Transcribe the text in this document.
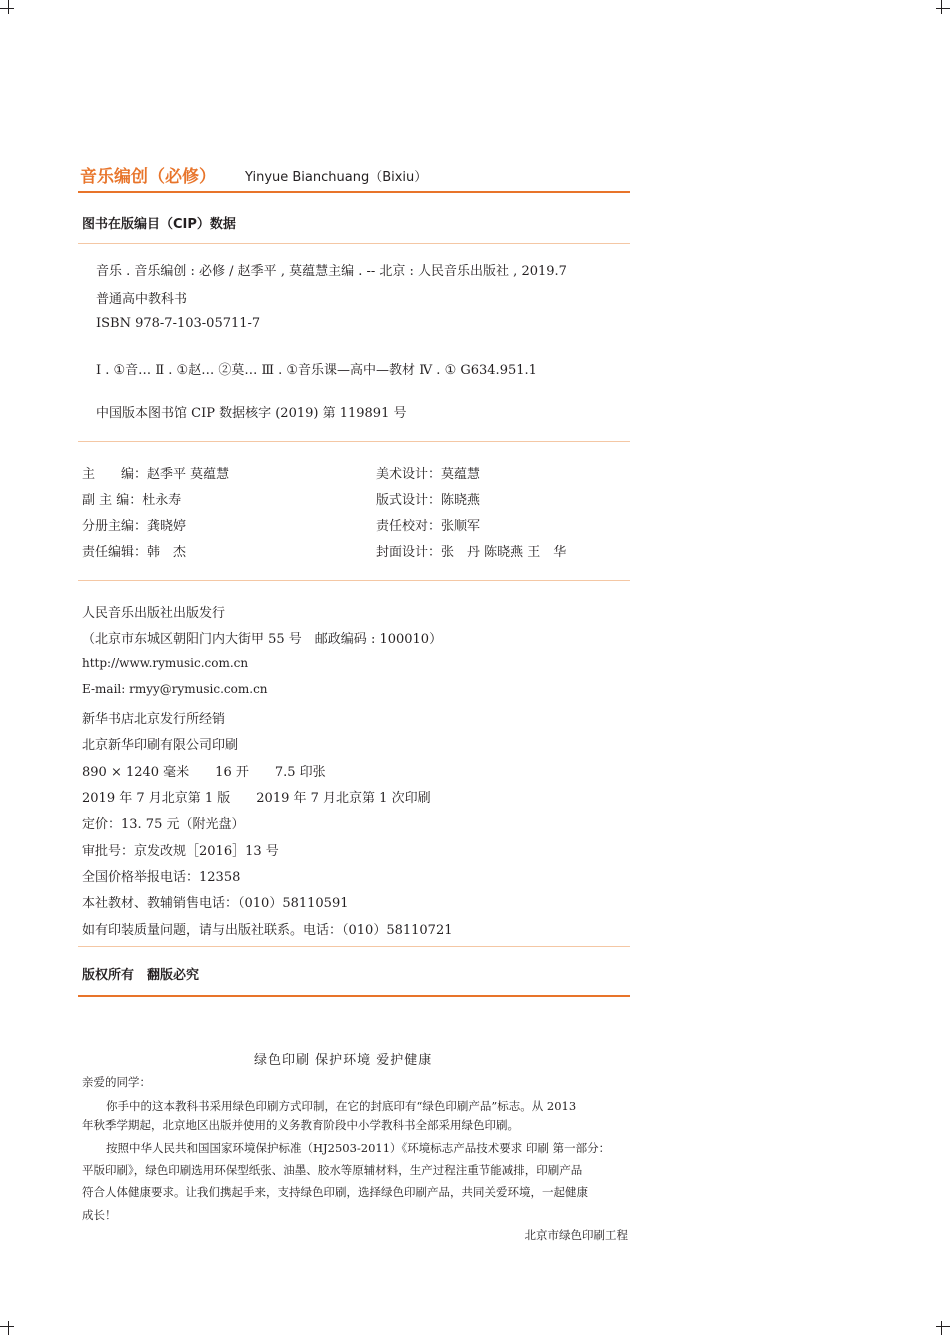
音乐编创（必修） Yinyue Bianchuang（Bixiu）
图书在版编目（CIP）数据
音乐 . 音乐编创 : 必修 / 赵季平 , 莫蕴慧主编 . -- 北京 : 人民音乐出版社 , 2019.7
普通高中教科书
ISBN 978-7-103-05711-7
Ⅰ . ①音… Ⅱ . ①赵… ②莫… Ⅲ . ①音乐课—高中—教材 Ⅳ . ① G634.951.1
中国版本图书馆 CIP 数据核字 (2019) 第 119891 号
主　　编：赵季平 莫蕴慧
副 主 编：杜永寿
分册主编：龚晓婷
责任编辑：韩　杰
美术设计：莫蕴慧
版式设计：陈晓燕
责任校对：张顺军
封面设计：张　丹 陈晓燕 王　华
人民音乐出版社出版发行
（北京市东城区朝阳门内大街甲 55 号　邮政编码 : 100010）
http://www.rymusic.com.cn
E-mail: rmyy@rymusic.com.cn
新华书店北京发行所经销
北京新华印刷有限公司印刷
890 × 1240 毫米　　16 开　　7.5 印张
2019 年 7 月北京第 1 版　　2019 年 7 月北京第 1 次印刷
定价：13. 75 元（附光盘）
审批号：京发改规［2016］13 号
全国价格举报电话：12358
本社教材、教辅销售电话：（010）58110591
如有印装质量问题，请与出版社联系。电话：（010）58110721
版权所有　翻版必究
绿色印刷 保护环境 爱护健康
亲爱的同学：
你手中的这本教科书采用绿色印刷方式印制，在它的封底印有“绿色印刷产品”标志。从 2013
年秋季学期起，北京地区出版并使用的义务教育阶段中小学教科书全部采用绿色印刷。
按照中华人民共和国国家环境保护标准（HJ2503-2011）《环境标志产品技术要求 印刷 第一部分：
平版印刷》，绿色印刷选用环保型纸张、油墨、胶水等原辅材料，生产过程注重节能减排，印刷产品
符合人体健康要求。让我们携起手来，支持绿色印刷，选择绿色印刷产品，共同关爱环境，一起健康
成长！
北京市绿色印刷工程
